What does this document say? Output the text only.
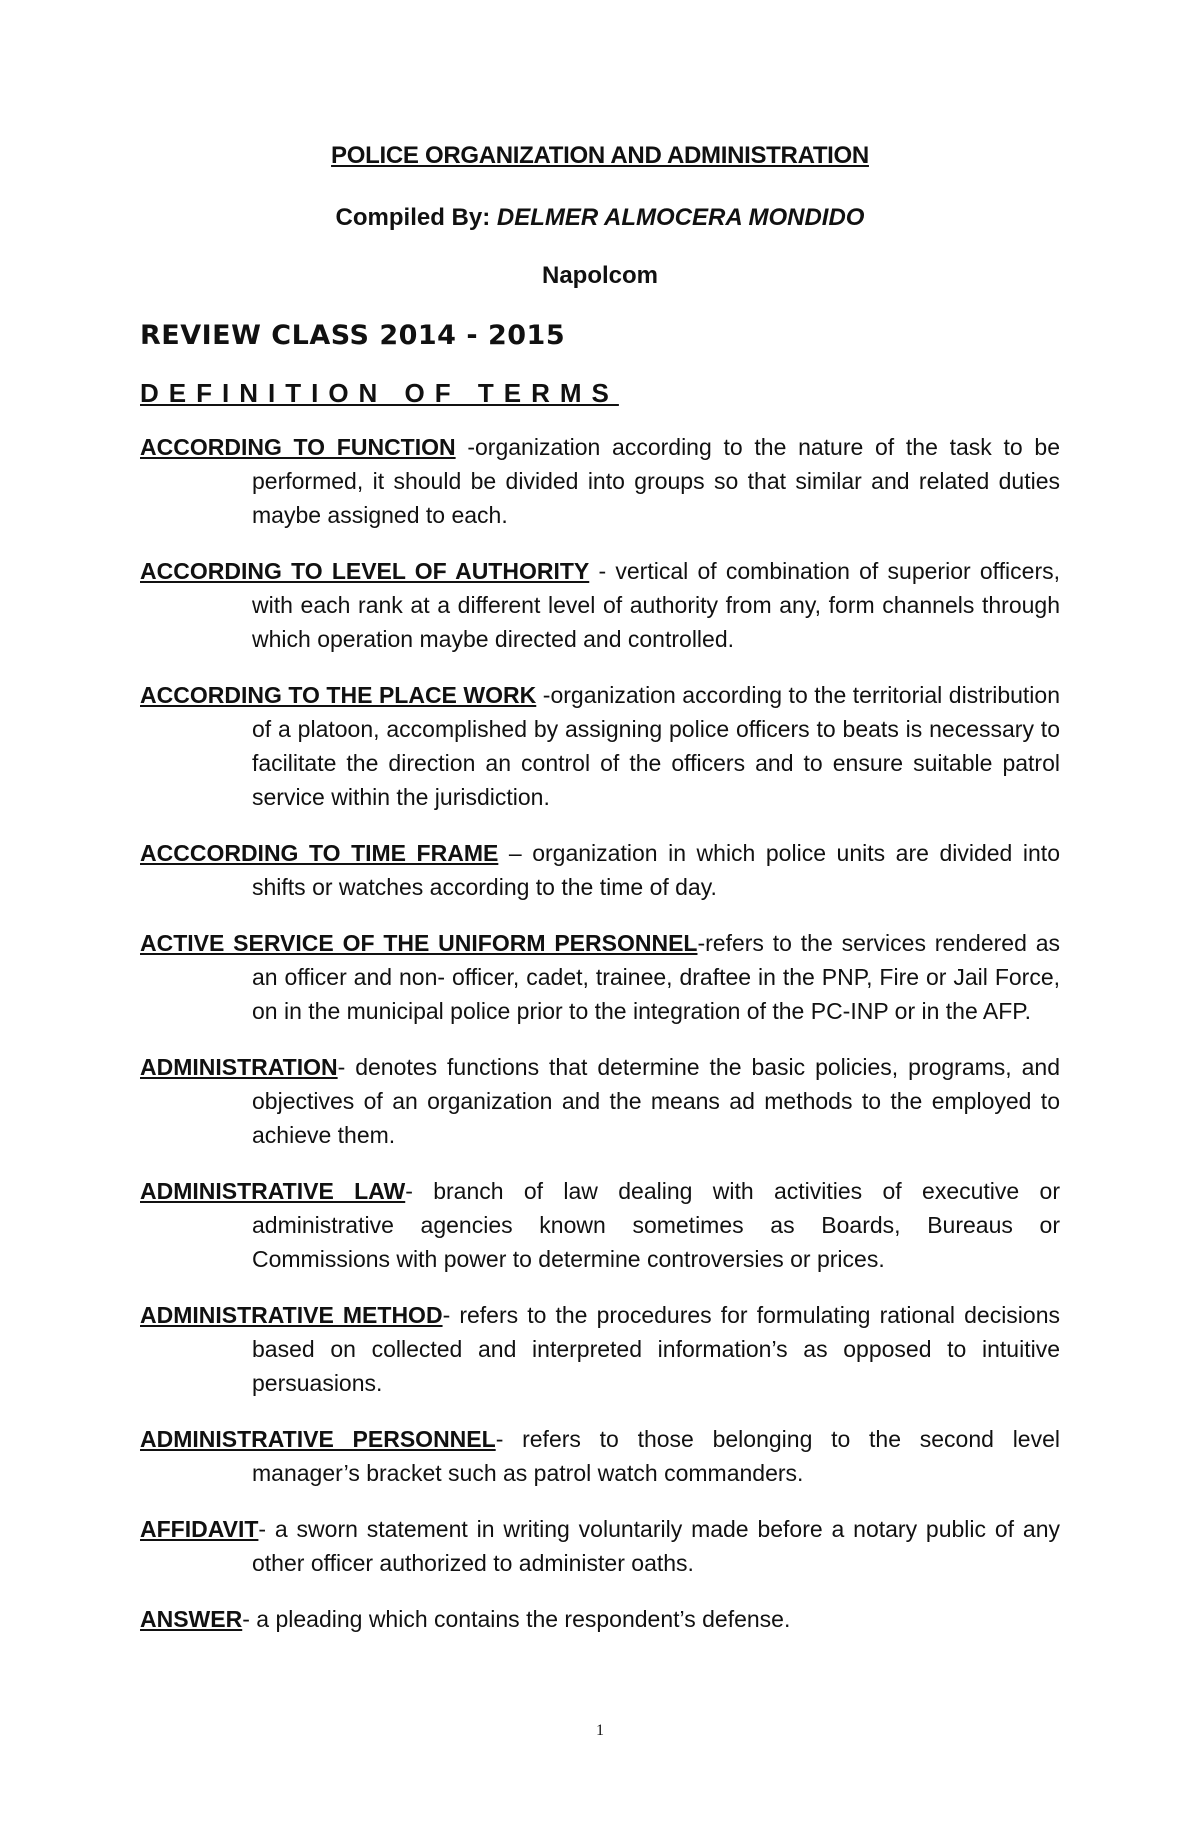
POLICE ORGANIZATION AND ADMINISTRATION
Compiled By: DELMER ALMOCERA MONDIDO
Napolcom
REVIEW CLASS 2014 - 2015
DEFINITION OF TERMS

ACCORDING TO FUNCTION -organization according to the nature of the task to be performed, it should be divided into groups so that similar and related duties maybe assigned to each.

ACCORDING TO LEVEL OF AUTHORITY - vertical of combination of superior officers, with each rank at a different level of authority from any, form channels through which operation maybe directed and controlled.

ACCORDING TO THE PLACE WORK -organization according to the territorial distribution of a platoon, accomplished by assigning police officers to beats is necessary to facilitate the direction an control of the officers and to ensure suitable patrol service within the jurisdiction.

ACCCORDING TO TIME FRAME – organization in which police units are divided into shifts or watches according to the time of day.

ACTIVE SERVICE OF THE UNIFORM PERSONNEL-refers to the services rendered as an officer and non- officer, cadet, trainee, draftee in the PNP, Fire or Jail Force, on in the municipal police prior to the integration of the PC-INP or in the AFP.

ADMINISTRATION- denotes functions that determine the basic policies, programs, and objectives of an organization and the means ad methods to the employed to achieve them.

ADMINISTRATIVE LAW- branch of law dealing with activities of executive or administrative agencies known sometimes as Boards, Bureaus or Commissions with power to determine controversies or prices.

ADMINISTRATIVE METHOD- refers to the procedures for formulating rational decisions based on collected and interpreted information’s as opposed to intuitive persuasions.

ADMINISTRATIVE PERSONNEL- refers to those belonging to the second level manager’s bracket such as patrol watch commanders.

AFFIDAVIT- a sworn statement in writing voluntarily made before a notary public of any other officer authorized to administer oaths.

ANSWER- a pleading which contains the respondent’s defense.

1
